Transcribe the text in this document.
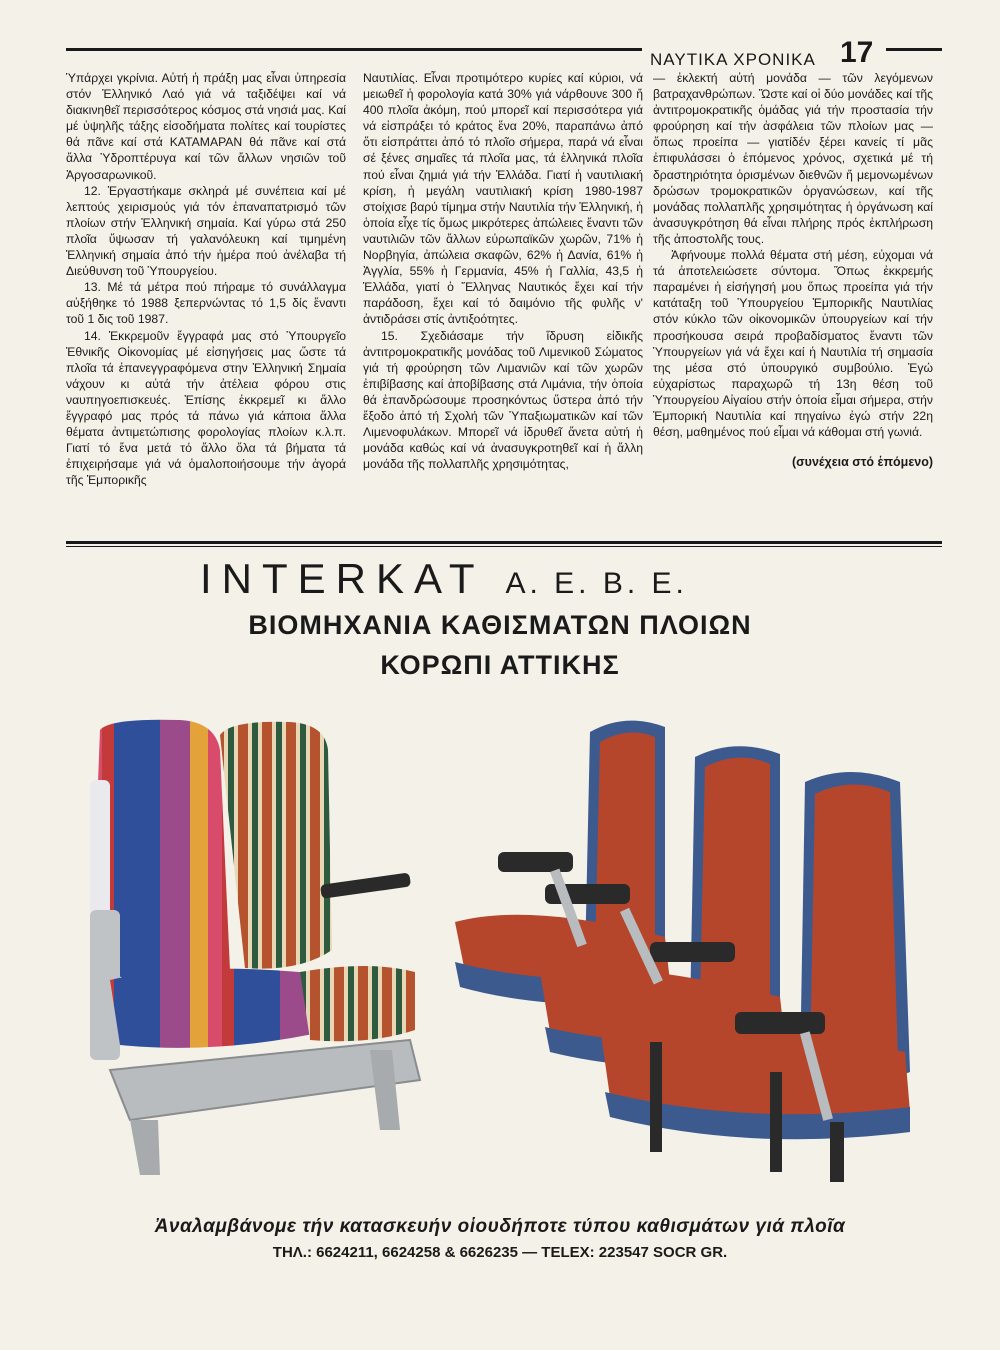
ΝΑΥΤΙΚΑ ΧΡΟΝΙΚΑ 17

Ὑπάρχει γκρίνια. Αὐτή ἡ πράξη μας εἶναι ὑπηρεσία στόν Ἑλληνικό Λαό γιά νά ταξιδέψει καί νά διακινηθεῖ περισσότερος κόσμος στά νησιά μας. Καί μέ ὑψηλῆς τάξης εἰσοδήματα πολίτες καί τουρίστες θά πᾶνε καί στά ΚΑΤΑΜΑΡΑΝ θά πᾶνε καί στά ἄλλα Ὑδροπτέρυγα καί τῶν ἄλλων νησιῶν τοῦ Ἀργοσαρωνικοῦ.

12. Ἐργαστήκαμε σκληρά μέ συνέπεια καί μέ λεπτούς χειρισμούς γιά τόν ἐπαναπατρισμό τῶν πλοίων στήν Ἑλληνική σημαία. Καί γύρω στά 250 πλοῖα ὕψωσαν τή γαλανόλευκη καί τιμημένη Ἑλληνική σημαία ἀπό τήν ἡμέρα πού ἀνέλαβα τή Διεύθυνση τοῦ Ὑπουργείου.

13. Μέ τά μέτρα πού πήραμε τό συνάλλαγμα αὐξήθηκε τό 1988 ξεπερνώντας τό 1,5 δίς ἔναντι τοῦ 1 δις τοῦ 1987.

14. Ἐκκρεμοῦν ἔγγραφά μας στό Ὑπουργεῖο Ἐθνικῆς Οἰκονομίας μέ εἰσηγήσεις μας ὥστε τά πλοῖα τά ἐπανεγγραφόμενα στην Ἑλληνική Σημαία νάχουν κι αὐτά τήν ἀτέλεια φόρου στις ναυπηγοεπισκευές. Ἐπίσης ἐκκρεμεῖ κι ἄλλο ἔγγραφό μας πρός τά πάνω γιά κάποια ἄλλα θέματα ἀντιμετώπισης φορολογίας πλοίων κ.λ.π. Γιατί τό ἔνα μετά τό ἄλλο ὅλα τά βήματα τά ἐπιχειρήσαμε γιά νά ὁμαλοποιήσουμε τήν ἀγορά τῆς Ἐμπορικῆς

Ναυτιλίας. Εἶναι προτιμότερο κυρίες καί κύριοι, νά μειωθεῖ ἡ φορολογία κατά 30% γιά νάρθουνε 300 ἤ 400 πλοῖα ἀκόμη, πού μπορεῖ καί περισσότερα γιά νά εἰσπράξει τό κράτος ἕνα 20%, παραπάνω ἀπό ὅτι εἰσπράττει ἀπό τό πλοῖο σήμερα, παρά νά εἶναι σέ ξένες σημαῖες τά πλοῖα μας, τά ἑλληνικά πλοῖα πού εἶναι ζημιά γιά τήν Ἑλλάδα. Γιατί ἡ ναυτιλιακή κρίση, ἡ μεγάλη ναυτιλιακή κρίση 1980-1987 στοίχισε βαρύ τίμημα στήν Ναυτιλία τήν Ἑλληνική, ἡ ὁποία εἶχε τίς ὅμως μικρότερες ἀπώλειες ἔναντι τῶν ναυτιλιῶν τῶν ἄλλων εὐρωπαϊκῶν χωρῶν, 71% ἡ Νορβηγία, ἀπώλεια σκαφῶν, 62% ἡ Δανία, 61% ἡ Ἀγγλία, 55% ἡ Γερμανία, 45% ἡ Γαλλία, 43,5 ἡ Ἑλλάδα, γιατί ὁ Ἕλληνας Ναυτικός ἔχει καί τήν παράδοση, ἔχει καί τό δαιμόνιο τῆς φυλῆς ν' ἀντιδράσει στίς ἀντιξοότητες.

15. Σχεδιάσαμε τήν ἵδρυση εἰδικῆς ἀντιτρομοκρατικῆς μονάδας τοῦ Λιμενικοῦ Σώματος γιά τή φρούρηση τῶν Λιμανιῶν καί τῶν χωρῶν ἐπιβίβασης καί ἀποβίβασης στά Λιμάνια, τήν ὁποία θά ἐπανδρώσουμε προσηκόντως ὕστερα ἀπό τήν ἔξοδο ἀπό τή Σχολή τῶν Ὑπαξιωματικῶν καί τῶν Λιμενοφυλάκων. Μπορεῖ νά ἱδρυθεῖ ἄνετα αὐτή ἡ μονάδα καθώς καί νά ἀνασυγκροτηθεῖ καί ἡ ἄλλη μονάδα τῆς πολλαπλῆς χρησιμότητας,

— ἐκλεκτή αὐτή μονάδα — τῶν λεγόμενων βατραχανθρώπων. Ὥστε καί οἱ δύο μονάδες καί τῆς ἀντιτρομοκρατικῆς ὁμάδας γιά τήν προστασία τήν φρούρηση καί τήν ἀσφάλεια τῶν πλοίων μας — ὅπως προείπα — γιατίδέν ξέρει κανείς τί μᾶς ἐπιφυλάσσει ὁ ἐπόμενος χρόνος, σχετικά μέ τή δραστηριότητα ὁρισμένων διεθνῶν ἤ μεμονωμένων δρώσων τρομοκρατικῶν ὀργανώσεων, καί τῆς μονάδας πολλαπλῆς χρησιμότητας ἡ ὀργάνωση καί ἀνασυγκρότηση θά εἶναι πλήρης πρός ἐκπλήρωση τῆς ἀποστολῆς τους.

Ἀφήνουμε πολλά θέματα στή μέση, εὐχομαι νά τά ἀποτελειώσετε σύντομα. Ὅπως ἐκκρεμής παραμένει ἡ εἰσήγησή μου ὅπως προείπα γιά τήν κατάταξη τοῦ Ὑπουργείου Ἐμπορικῆς Ναυτιλίας στόν κύκλο τῶν οἰκονομικῶν ὑπουργείων καί τήν προσήκουσα σειρά προβαδίσματος ἔναντι τῶν Ὑπουργείων γιά νά ἔχει καί ἡ Ναυτιλία τή σημασία της μέσα στό ὑπουργικό συμβούλιο. Ἐγώ εὐχαρίστως παραχωρῶ τή 13η θέση τοῦ Ὑπουργείου Αἰγαίου στήν ὁποία εἶμαι σήμερα, στήν Ἐμπορική Ναυτιλία καί πηγαίνω ἐγώ στήν 22η θέση, μαθημένος πού εἶμαι νά κάθομαι στή γωνιά.

(συνέχεια στό ἑπόμενο)
INTERKAT A. E. B. E.
ΒΙΟΜΗΧΑΝΙΑ ΚΑΘΙΣΜΑΤΩΝ ΠΛΟΙΩΝ
ΚΟΡΩΠΙ ΑΤΤΙΚΗΣ
Ἀναλαμβάνομε τήν κατασκευήν οἱουδήποτε τύπου καθισμάτων γιά πλοῖα
ΤΗΛ.: 6624211, 6624258 & 6626235 — TELEX: 223547 SOCR GR.
